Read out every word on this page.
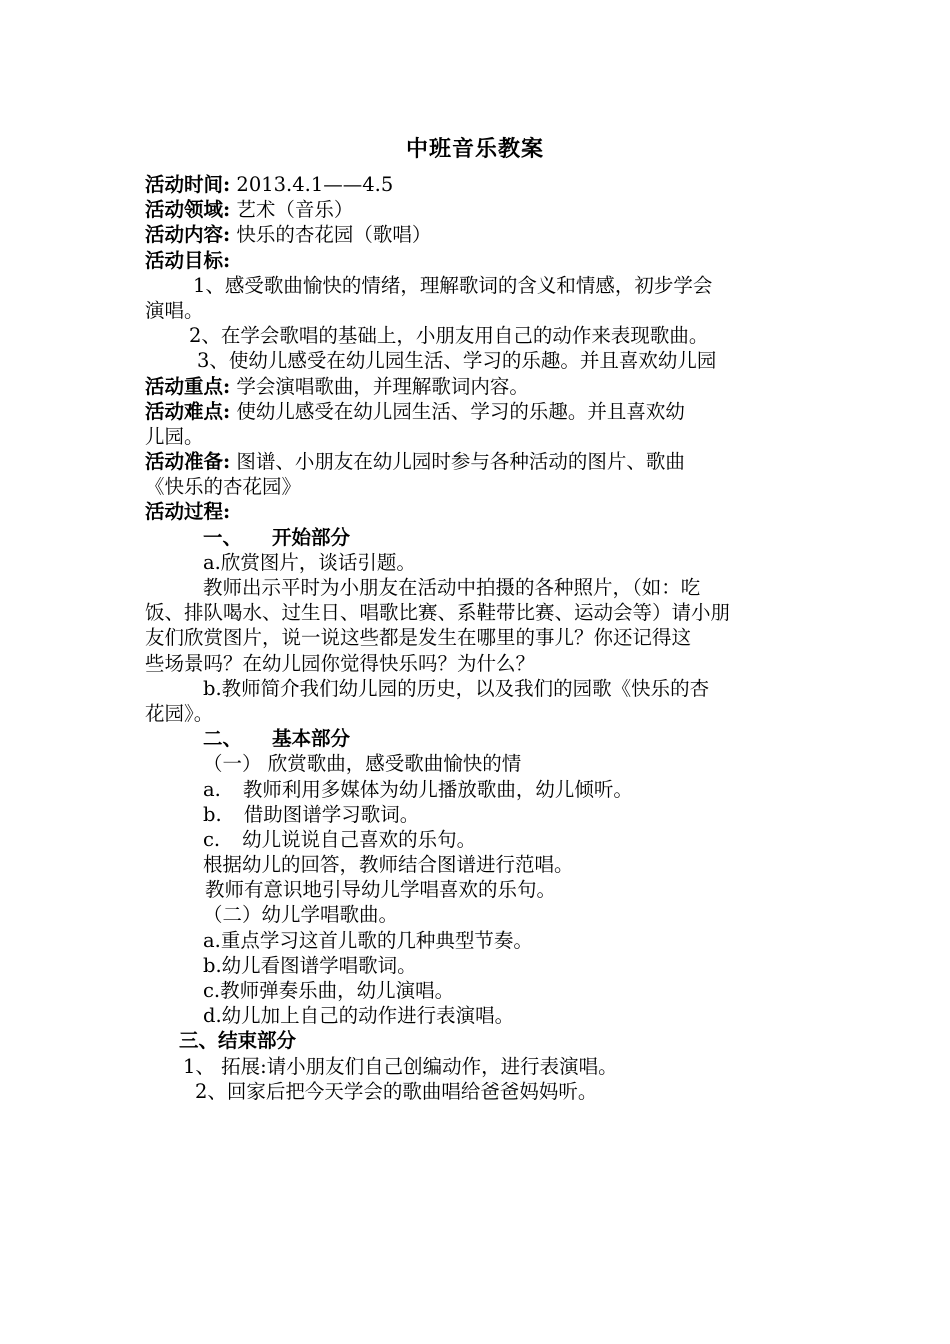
中班音乐教案
活动时间: 2013.4.1——4.5
活动领域: 艺术（音乐）
活动内容: 快乐的杏花园（歌唱）
活动目标:
1、感受歌曲愉快的情绪，理解歌词的含义和情感，初步学会
演唱。
2、在学会歌唱的基础上，小朋友用自己的动作来表现歌曲。
3、使幼儿感受在幼儿园生活、学习的乐趣。并且喜欢幼儿园
活动重点: 学会演唱歌曲，并理解歌词内容。
活动难点: 使幼儿感受在幼儿园生活、学习的乐趣。并且喜欢幼
儿园。
活动准备: 图谱、小朋友在幼儿园时参与各种活动的图片、歌曲
《快乐的杏花园》
活动过程:
一、 开始部分
a.欣赏图片，谈话引题。
教师出示平时为小朋友在活动中拍摄的各种照片，（如：吃
饭、排队喝水、过生日、唱歌比赛、系鞋带比赛、运动会等）请小朋
友们欣赏图片，说一说这些都是发生在哪里的事儿？你还记得这
些场景吗？在幼儿园你觉得快乐吗？为什么？
b.教师简介我们幼儿园的历史，以及我们的园歌《快乐的杏
花园》。
二、 基本部分
（一） 欣赏歌曲，感受歌曲愉快的情
a. 教师利用多媒体为幼儿播放歌曲，幼儿倾听。
b. 借助图谱学习歌词。
c. 幼儿说说自己喜欢的乐句。
根据幼儿的回答，教师结合图谱进行范唱。
教师有意识地引导幼儿学唱喜欢的乐句。
（二）幼儿学唱歌曲。
a.重点学习这首儿歌的几种典型节奏。
b.幼儿看图谱学唱歌词。
c.教师弹奏乐曲，幼儿演唱。
d.幼儿加上自己的动作进行表演唱。
三、结束部分
1、 拓展:请小朋友们自己创编动作，进行表演唱。
2、回家后把今天学会的歌曲唱给爸爸妈妈听。
